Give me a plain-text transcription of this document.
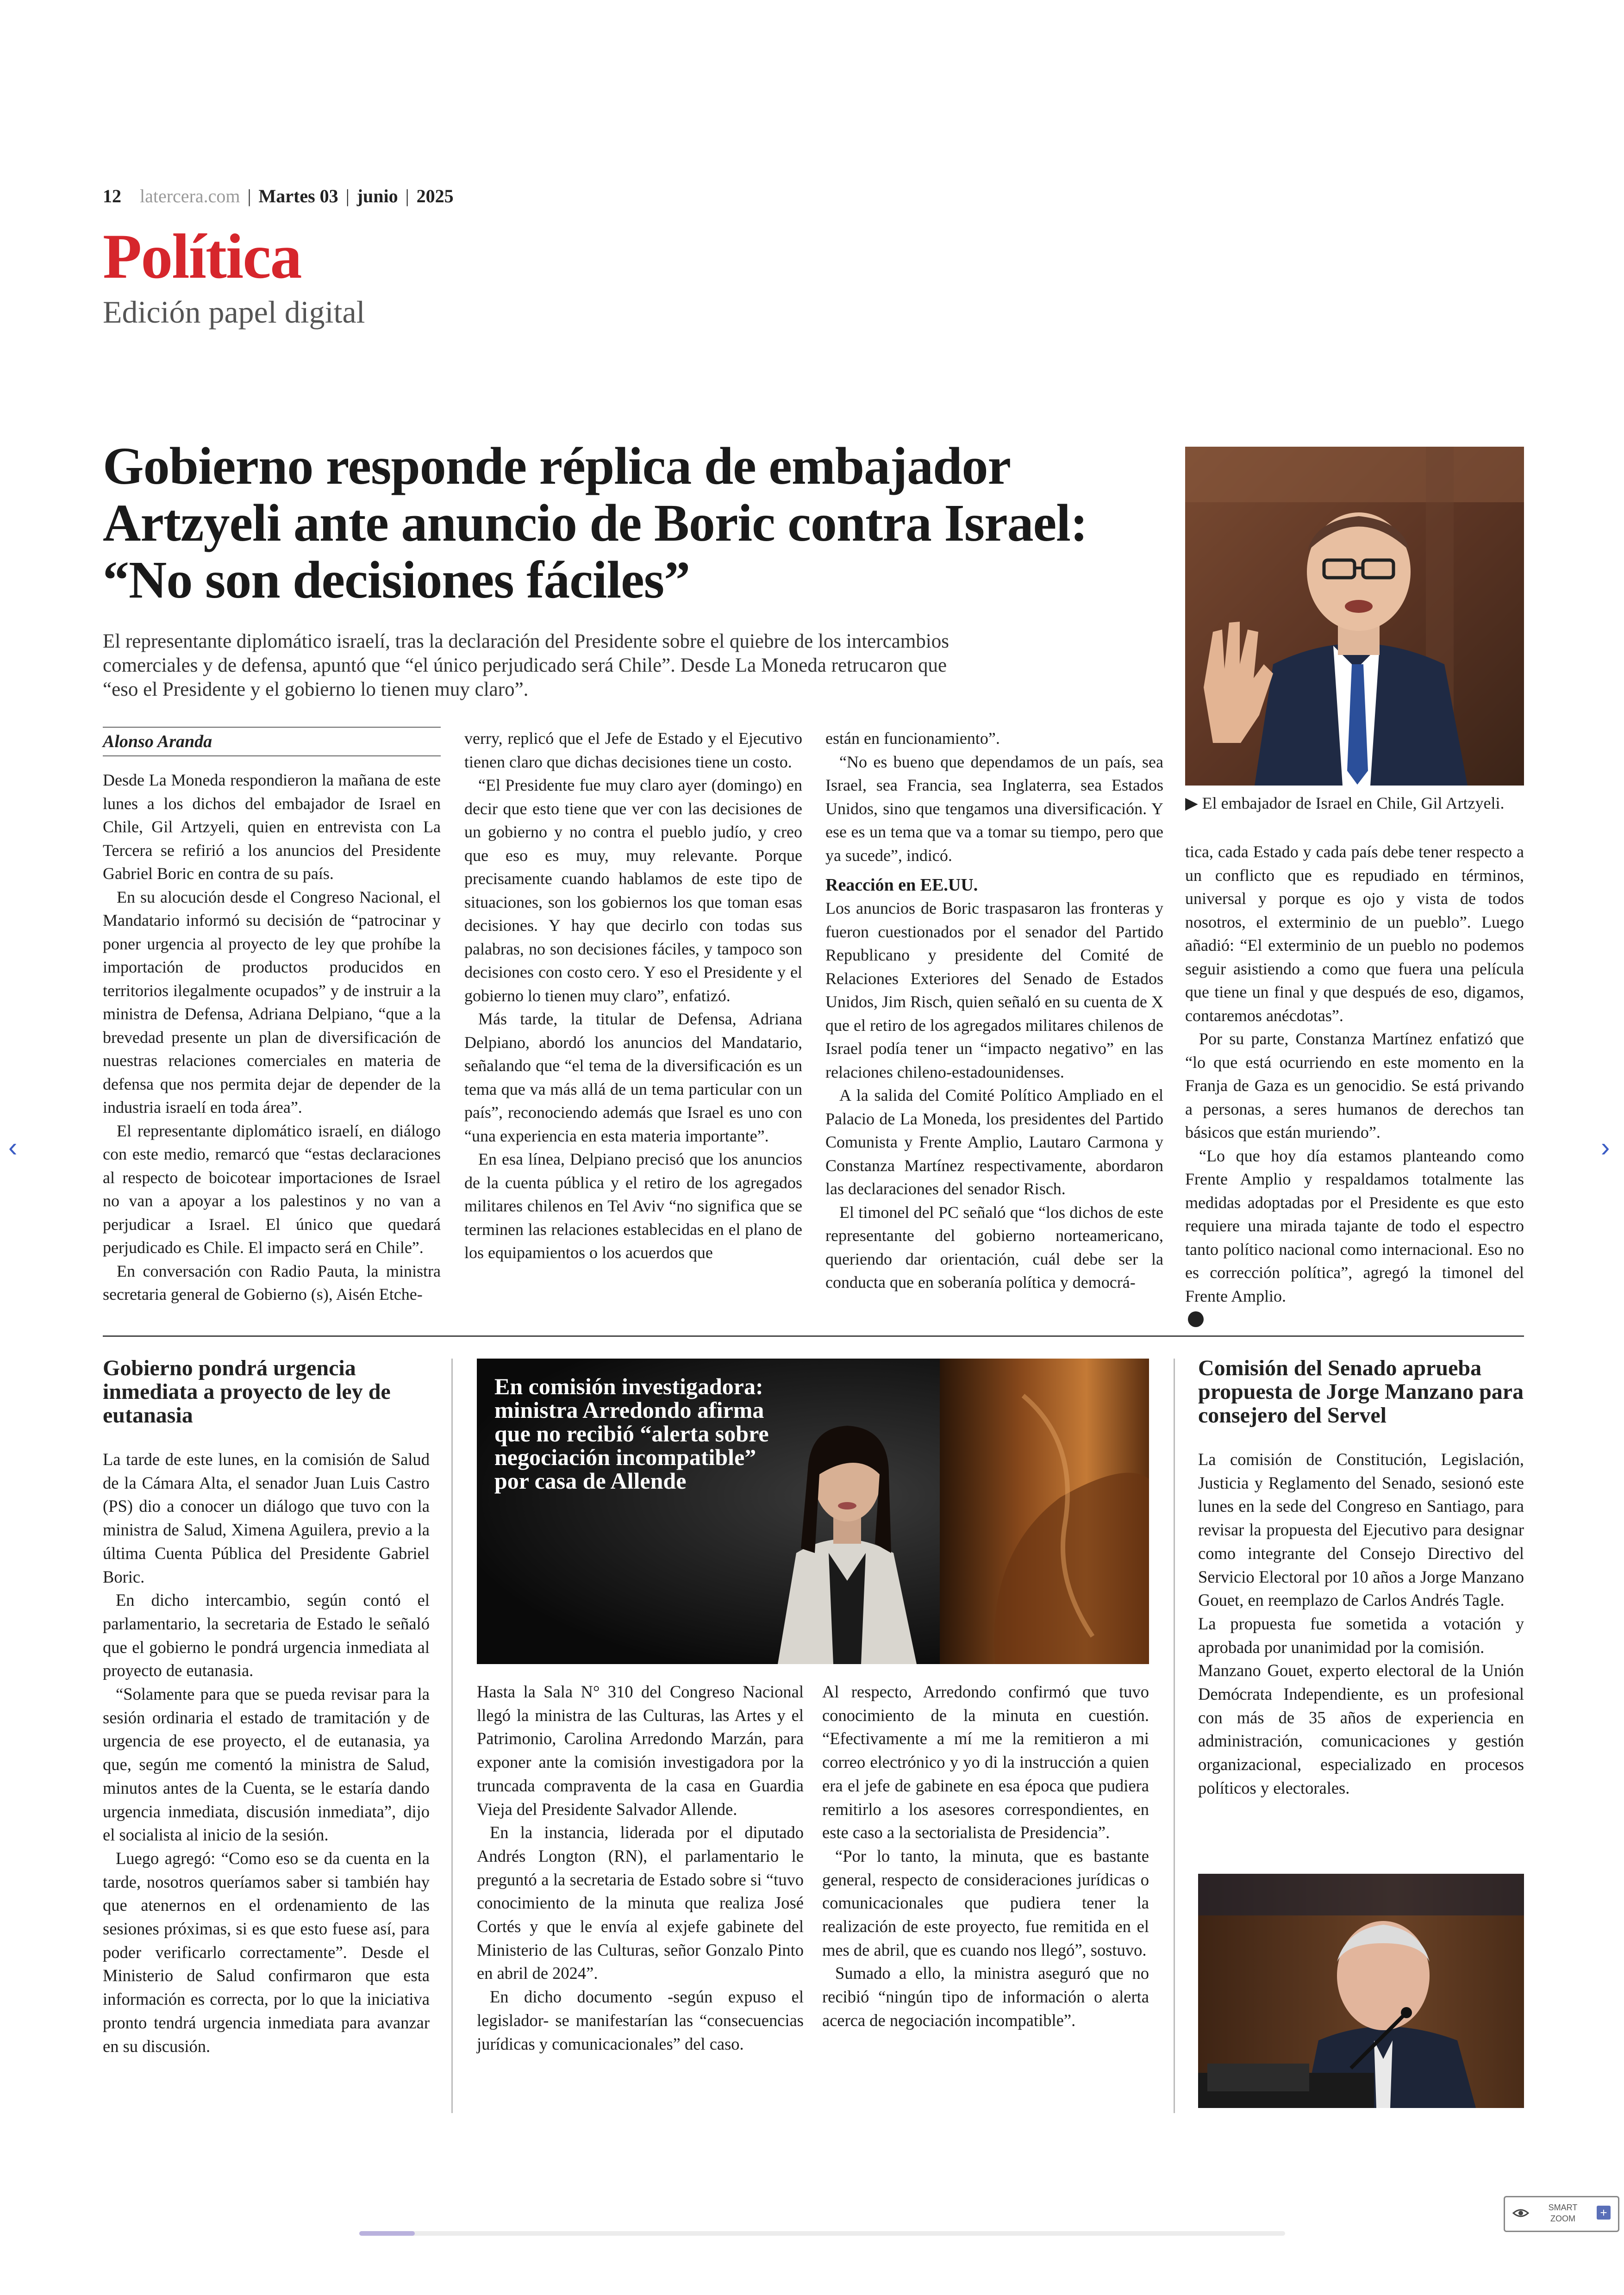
12 latercera.com | Martes 03 | junio | 2025
Política
Edición papel digital
Gobierno responde réplica de embajador Artzyeli ante anuncio de Boric contra Israel: “No son decisiones fáciles”

El representante diplomático israelí, tras la declaración del Presidente sobre el quiebre de los intercambios comerciales y de defensa, apuntó que “el único perjudicado será Chile”. Desde La Moneda retrucaron que “eso el Presidente y el gobierno lo tienen muy claro”.

Alonso Aranda

Desde La Moneda respondieron la mañana de este lunes a los dichos del embajador de Israel en Chile, Gil Artzyeli, quien en entrevista con La Tercera se refirió a los anuncios del Presidente Gabriel Boric en contra de su país.

En su alocución desde el Congreso Nacional, el Mandatario informó su decisión de “patrocinar y poner urgencia al proyecto de ley que prohíbe la importación de productos producidos en territorios ilegalmente ocupados” y de instruir a la ministra de Defensa, Adriana Delpiano, “que a la brevedad presente un plan de diversificación de nuestras relaciones comerciales en materia de defensa que nos permita dejar de depender de la industria israelí en toda área”.

El representante diplomático israelí, en diálogo con este medio, remarcó que “estas declaraciones al respecto de boicotear importaciones de Israel no van a apoyar a los palestinos y no van a perjudicar a Israel. El único que quedará perjudicado es Chile. El impacto será en Chile”.

En conversación con Radio Pauta, la ministra secretaria general de Gobierno (s), Aisén Etche-

verry, replicó que el Jefe de Estado y el Ejecutivo tienen claro que dichas decisiones tiene un costo.

“El Presidente fue muy claro ayer (domingo) en decir que esto tiene que ver con las decisiones de un gobierno y no contra el pueblo judío, y creo que eso es muy, muy relevante. Porque precisamente cuando hablamos de este tipo de situaciones, son los gobiernos los que toman esas decisiones. Y hay que decirlo con todas sus palabras, no son decisiones fáciles, y tampoco son decisiones con costo cero. Y eso el Presidente y el gobierno lo tienen muy claro”, enfatizó.

Más tarde, la titular de Defensa, Adriana Delpiano, abordó los anuncios del Mandatario, señalando que “el tema de la diversificación es un tema que va más allá de un tema particular con un país”, reconociendo además que Israel es uno con “una experiencia en esta materia importante”.

En esa línea, Delpiano precisó que los anuncios de la cuenta pública y el retiro de los agregados militares chilenos en Tel Aviv “no significa que se terminen las relaciones establecidas en el plano de los equipamientos o los acuerdos que

están en funcionamiento”.

“No es bueno que dependamos de un país, sea Israel, sea Francia, sea Inglaterra, sea Estados Unidos, sino que tengamos una diversificación. Y ese es un tema que va a tomar su tiempo, pero que ya sucede”, indicó.

Reacción en EE.UU.

Los anuncios de Boric traspasaron las fronteras y fueron cuestionados por el senador del Partido Republicano y presidente del Comité de Relaciones Exteriores del Senado de Estados Unidos, Jim Risch, quien señaló en su cuenta de X que el retiro de los agregados militares chilenos de Israel podía tener un “impacto negativo” en las relaciones chileno-estadounidenses.

A la salida del Comité Político Ampliado en el Palacio de La Moneda, los presidentes del Partido Comunista y Frente Amplio, Lautaro Carmona y Constanza Martínez respectivamente, abordaron las declaraciones del senador Risch.

El timonel del PC señaló que “los dichos de este representante del gobierno norteamericano, queriendo dar orientación, cuál debe ser la conducta que en soberanía política y democrá-

▶ El embajador de Israel en Chile, Gil Artzyeli.

tica, cada Estado y cada país debe tener respecto a un conflicto que es repudiado en términos, universal y porque es ojo y vista de todos nosotros, el exterminio de un pueblo”. Luego añadió: “El exterminio de un pueblo no podemos seguir asistiendo a como que fuera una película que tiene un final y que después de eso, digamos, contaremos anécdotas”.

Por su parte, Constanza Martínez enfatizó que “lo que está ocurriendo en este momento en la Franja de Gaza es un genocidio. Se está privando a personas, a seres humanos de derechos tan básicos que están muriendo”.

“Lo que hoy día estamos planteando como Frente Amplio y respaldamos totalmente las medidas adoptadas por el Presidente es que esto requiere una mirada tajante de todo el espectro tanto político nacional como internacional. Eso no es corrección política”, agregó la timonel del Frente Amplio.

Gobierno pondrá urgencia inmediata a proyecto de ley de eutanasia

La tarde de este lunes, en la comisión de Salud de la Cámara Alta, el senador Juan Luis Castro (PS) dio a conocer un diálogo que tuvo con la ministra de Salud, Ximena Aguilera, previo a la última Cuenta Pública del Presidente Gabriel Boric.

En dicho intercambio, según contó el parlamentario, la secretaria de Estado le señaló que el gobierno le pondrá urgencia inmediata al proyecto de eutanasia.

“Solamente para que se pueda revisar para la sesión ordinaria el estado de tramitación y de urgencia de ese proyecto, el de eutanasia, ya que, según me comentó la ministra de Salud, minutos antes de la Cuenta, se le estaría dando urgencia inmediata, discusión inmediata”, dijo el socialista al inicio de la sesión.

Luego agregó: “Como eso se da cuenta en la tarde, nosotros queríamos saber si también hay que atenernos en el ordenamiento de las sesiones próximas, si es que esto fuese así, para poder verificarlo correctamente”. Desde el Ministerio de Salud confirmaron que esta información es correcta, por lo que la iniciativa pronto tendrá urgencia inmediata para avanzar en su discusión.

En comisión investigadora: ministra Arredondo afirma que no recibió “alerta sobre negociación incompatible” por casa de Allende

Hasta la Sala N° 310 del Congreso Nacional llegó la ministra de las Culturas, las Artes y el Patrimonio, Carolina Arredondo Marzán, para exponer ante la comisión investigadora por la truncada compraventa de la casa en Guardia Vieja del Presidente Salvador Allende.

En la instancia, liderada por el diputado Andrés Longton (RN), el parlamentario le preguntó a la secretaria de Estado sobre si “tuvo conocimiento de la minuta que realiza José Cortés y que le envía al exjefe gabinete del Ministerio de las Culturas, señor Gonzalo Pinto en abril de 2024”.

En dicho documento -según expuso el legislador- se manifestarían las “consecuencias jurídicas y comunicacionales” del caso.

Al respecto, Arredondo confirmó que tuvo conocimiento de la minuta en cuestión. “Efectivamente a mí me la remitieron a mi correo electrónico y yo di la instrucción a quien era el jefe de gabinete en esa época que pudiera remitirlo a los asesores correspondientes, en este caso a la sectorialista de Presidencia”.

“Por lo tanto, la minuta, que es bastante general, respecto de consideraciones jurídicas o comunicacionales que pudiera tener la realización de este proyecto, fue remitida en el mes de abril, que es cuando nos llegó”, sostuvo.

Sumado a ello, la ministra aseguró que no recibió “ningún tipo de información o alerta acerca de negociación incompatible”.

Comisión del Senado aprueba propuesta de Jorge Manzano para consejero del Servel

La comisión de Constitución, Legislación, Justicia y Reglamento del Senado, sesionó este lunes en la sede del Congreso en Santiago, para revisar la propuesta del Ejecutivo para designar como integrante del Consejo Directivo del Servicio Electoral por 10 años a Jorge Manzano Gouet, en reemplazo de Carlos Andrés Tagle.

La propuesta fue sometida a votación y aprobada por unanimidad por la comisión.

Manzano Gouet, experto electoral de la Unión Demócrata Independiente, es un profesional con más de 35 años de experiencia en administración, comunicaciones y gestión organizacional, especializado en procesos políticos y electorales.

‹	›
SMART
ZOOM	+
